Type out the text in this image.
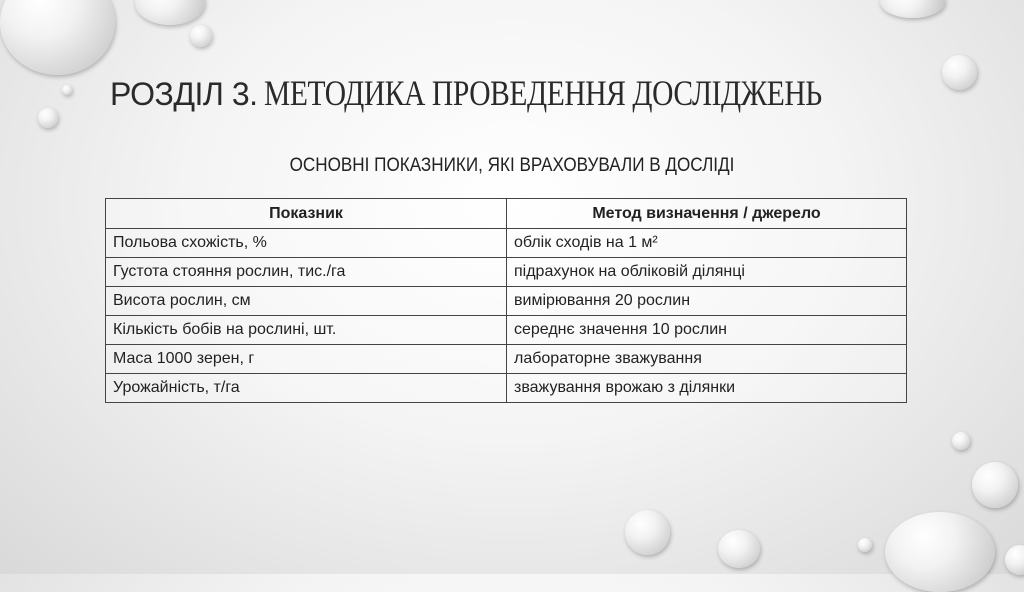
РОЗДІЛ 3. МЕТОДИКА ПРОВЕДЕННЯ ДОСЛІДЖЕНЬ
ОСНОВНІ ПОКАЗНИКИ, ЯКІ ВРАХОВУВАЛИ В ДОСЛІДІ
Показник	Метод визначення / джерело
Польова схожість, %	облік сходів на 1 м²
Густота стояння рослин, тис./га	підрахунок на обліковій ділянці
Висота рослин, см	вимірювання 20 рослин
Кількість бобів на рослині, шт.	середнє значення 10 рослин
Маса 1000 зерен, г	лабораторне зважування
Урожайність, т/га	зважування врожаю з ділянки
